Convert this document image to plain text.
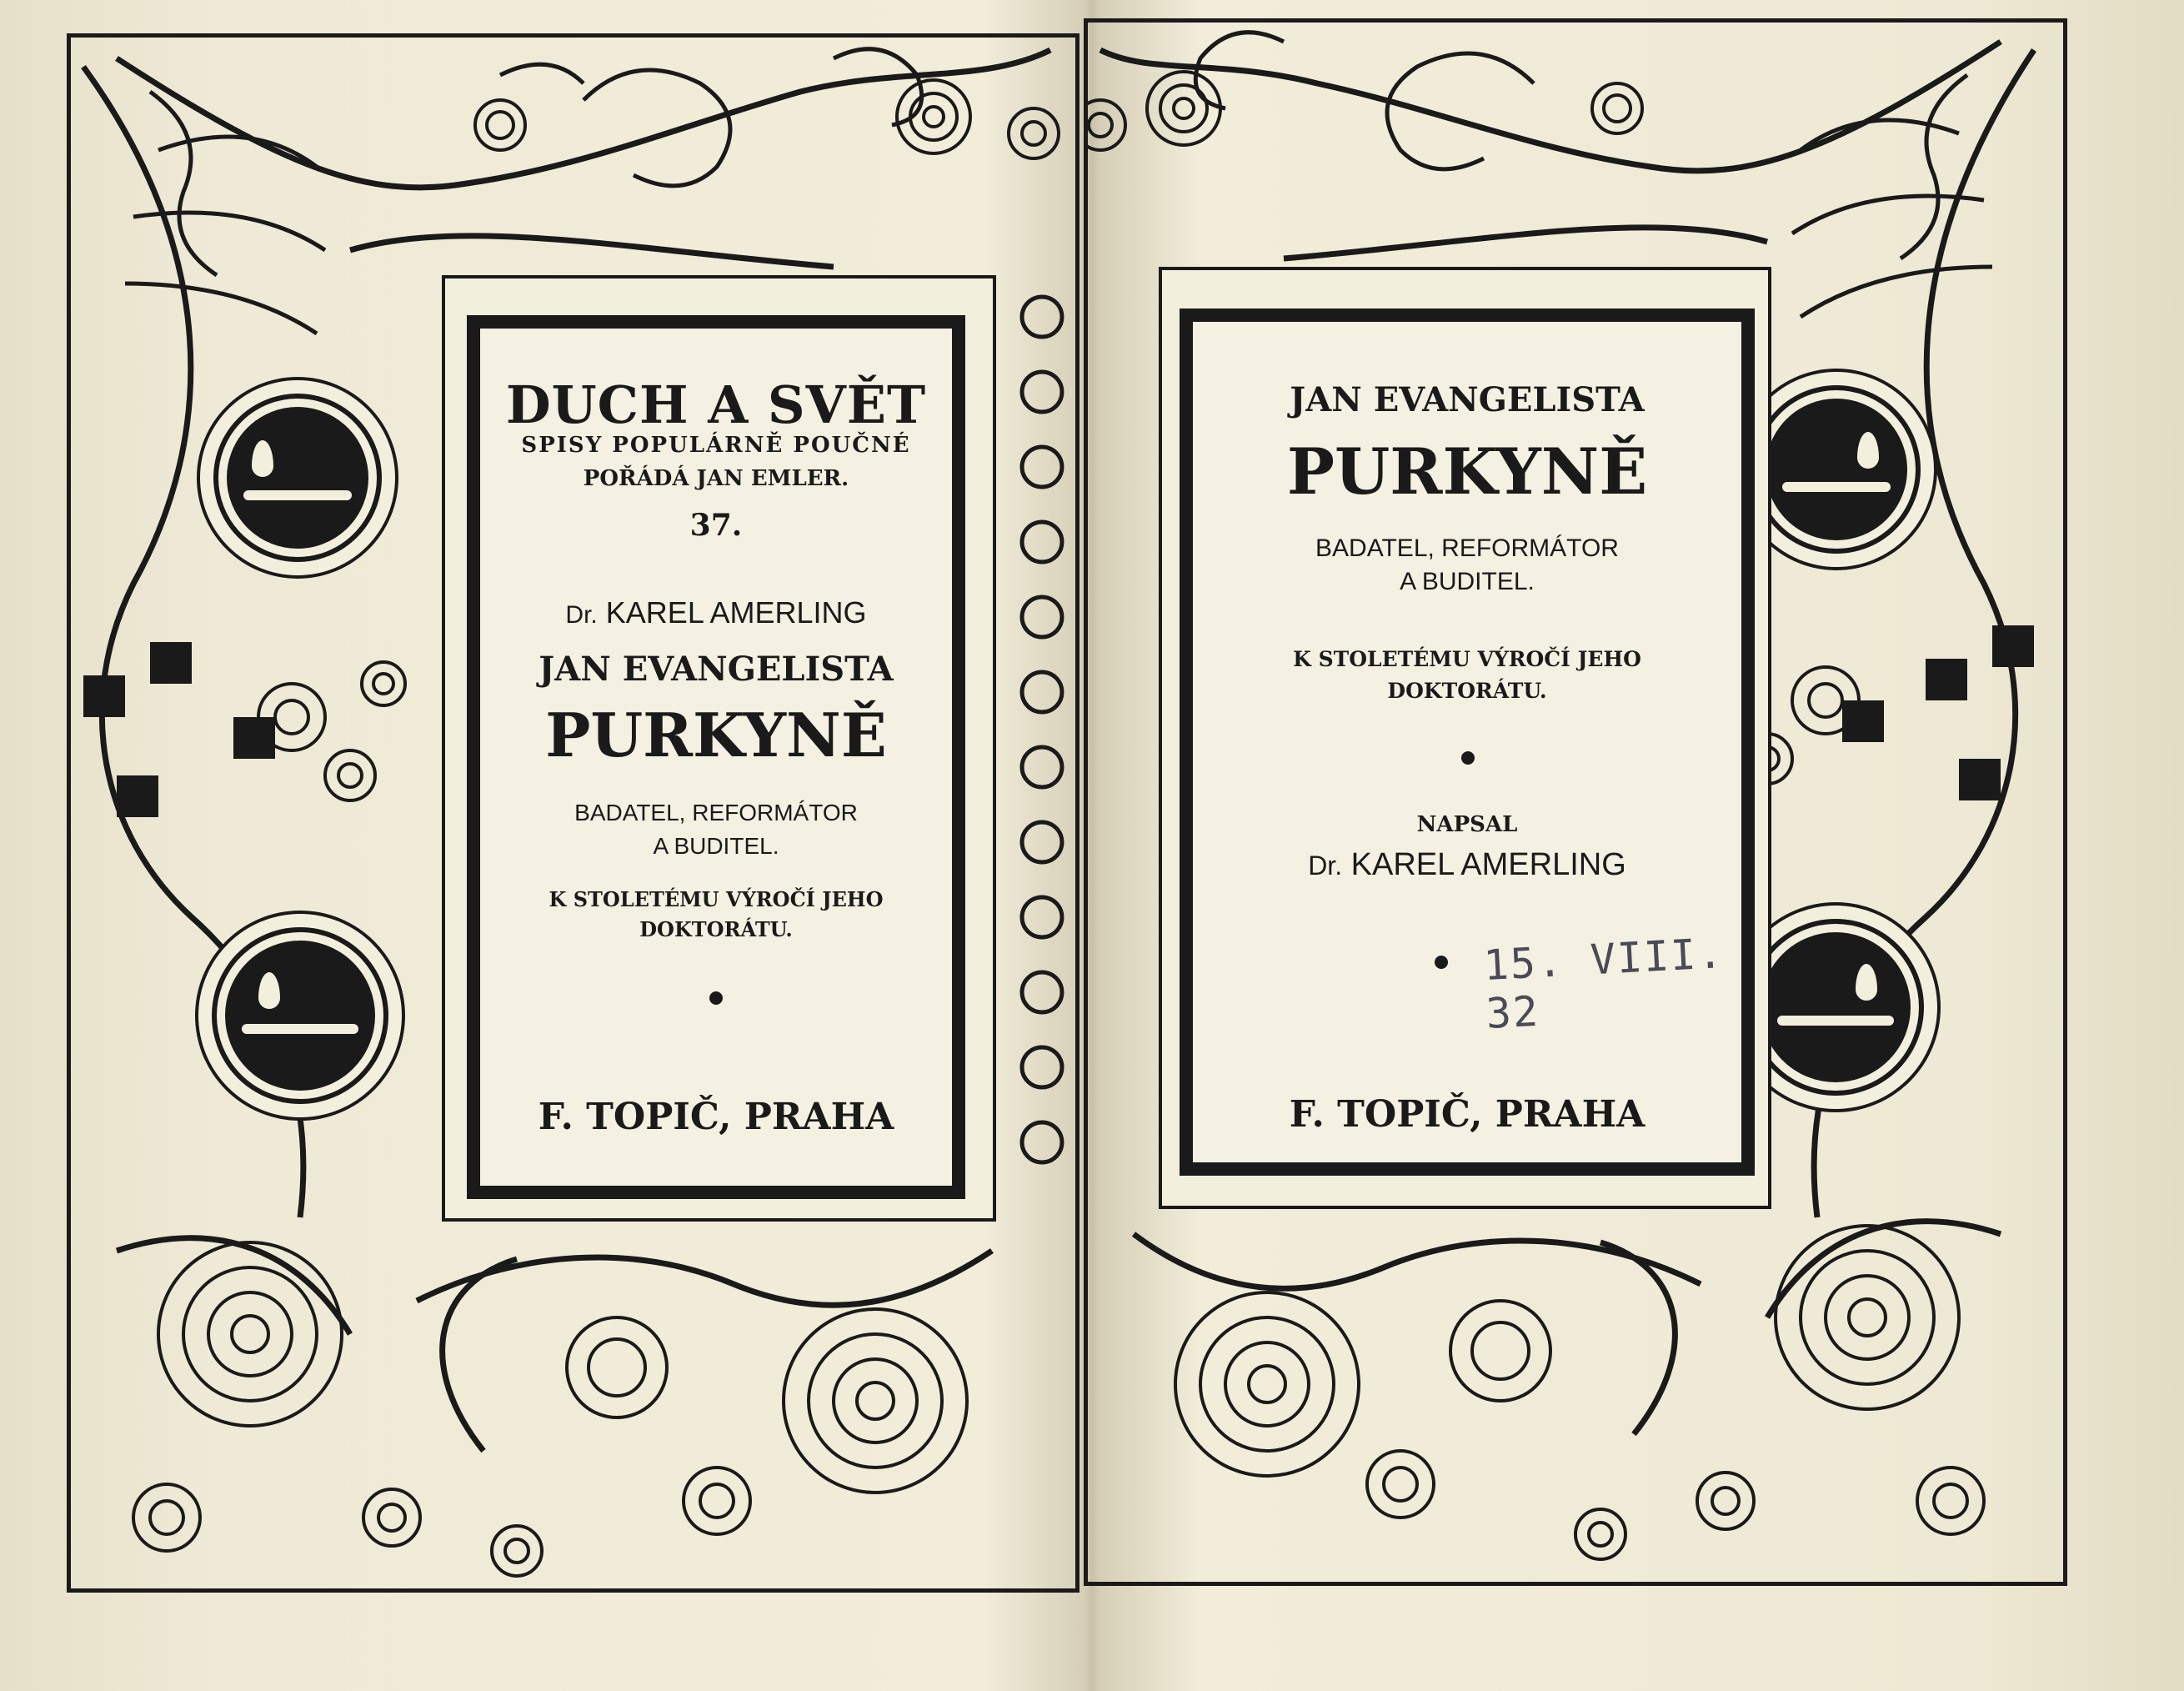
DUCH A SVĚT
SPISY POPULÁRNĚ POUČNÉ
POŘÁDÁ JAN EMLER.
37.
Dr. KAREL AMERLING
JAN EVANGELISTA
PURKYNĚ
BADATEL, REFORMÁTOR
A BUDITEL.
K STOLETÉMU VÝROČÍ JEHO
DOKTORÁTU.
F. TOPIČ, PRAHA
JAN EVANGELISTA
PURKYNĚ
BADATEL, REFORMÁTOR
A BUDITEL.
K STOLETÉMU VÝROČÍ JEHO
DOKTORÁTU.
NAPSAL
Dr. KAREL AMERLING
15. VIII. 32
F. TOPIČ, PRAHA
